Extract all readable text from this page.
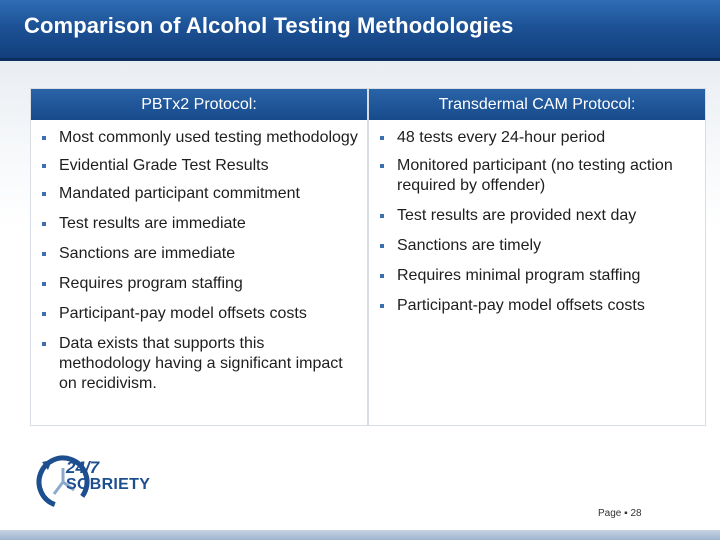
Comparison of Alcohol Testing Methodologies
PBTx2 Protocol:
Most commonly used testing methodology
Evidential Grade Test Results
Mandated participant commitment
Test results are immediate
Sanctions are immediate
Requires program staffing
Participant-pay model offsets costs
Data exists that supports this methodology having a significant impact on recidivism.
Transdermal CAM Protocol:
48 tests every 24-hour period
Monitored participant (no testing action required by offender)
Test results are provided next day
Sanctions are timely
Requires minimal program staffing
Participant-pay model offsets costs
24/7
SOBRIETY
Page ▪ 28
